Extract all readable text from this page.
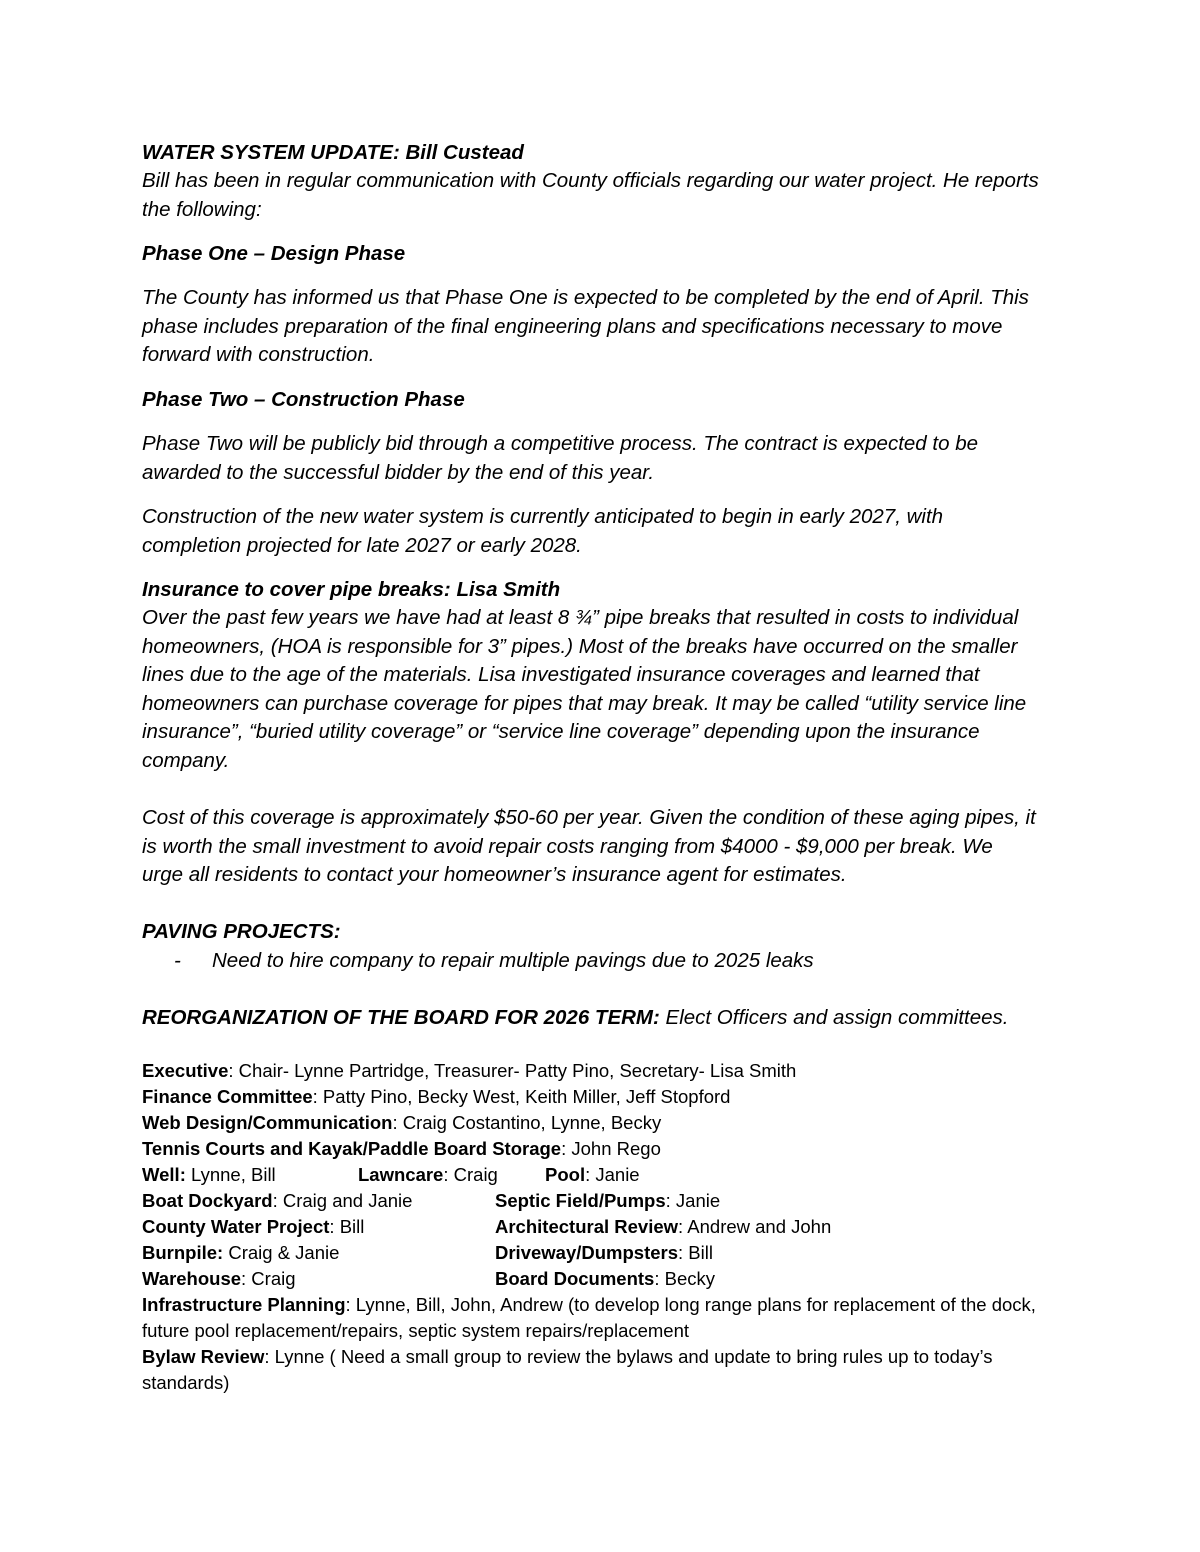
WATER SYSTEM UPDATE: Bill Custead

Bill has been in regular communication with County officials regarding our water project. He reports the following:

Phase One – Design Phase

The County has informed us that Phase One is expected to be completed by the end of April. This phase includes preparation of the final engineering plans and specifications necessary to move forward with construction.

Phase Two – Construction Phase

Phase Two will be publicly bid through a competitive process. The contract is expected to be awarded to the successful bidder by the end of this year.

Construction of the new water system is currently anticipated to begin in early 2027, with completion projected for late 2027 or early 2028.

Insurance to cover pipe breaks: Lisa Smith

Over the past few years we have had at least 8 ¾” pipe breaks that resulted in costs to individual homeowners, (HOA is responsible for 3” pipes.) Most of the breaks have occurred on the smaller lines due to the age of the materials. Lisa investigated insurance coverages and learned that homeowners can purchase coverage for pipes that may break. It may be called “utility service line insurance”, “buried utility coverage” or “service line coverage” depending upon the insurance company.

Cost of this coverage is approximately $50-60 per year. Given the condition of these aging pipes, it is worth the small investment to avoid repair costs ranging from $4000 - $9,000 per break. We urge all residents to contact your homeowner’s insurance agent for estimates.

PAVING PROJECTS:

- Need to hire company to repair multiple pavings due to 2025 leaks

REORGANIZATION OF THE BOARD FOR 2026 TERM: Elect Officers and assign committees.

Executive: Chair- Lynne Partridge, Treasurer- Patty Pino, Secretary- Lisa Smith

Finance Committee: Patty Pino, Becky West, Keith Miller, Jeff Stopford

Web Design/Communication: Craig Costantino, Lynne, Becky

Tennis Courts and Kayak/Paddle Board Storage: John Rego

Well: Lynne, Bill	Lawncare: Craig	Pool: Janie
Boat Dockyard: Craig and Janie	Septic Field/Pumps: Janie
County Water Project: Bill	Architectural Review: Andrew and John
Burnpile: Craig & Janie	Driveway/Dumpsters: Bill
Warehouse: Craig	Board Documents: Becky

Infrastructure Planning: Lynne, Bill, John, Andrew (to develop long range plans for replacement of the dock, future pool replacement/repairs, septic system repairs/replacement

Bylaw Review: Lynne ( Need a small group to review the bylaws and update to bring rules up to today’s standards)
